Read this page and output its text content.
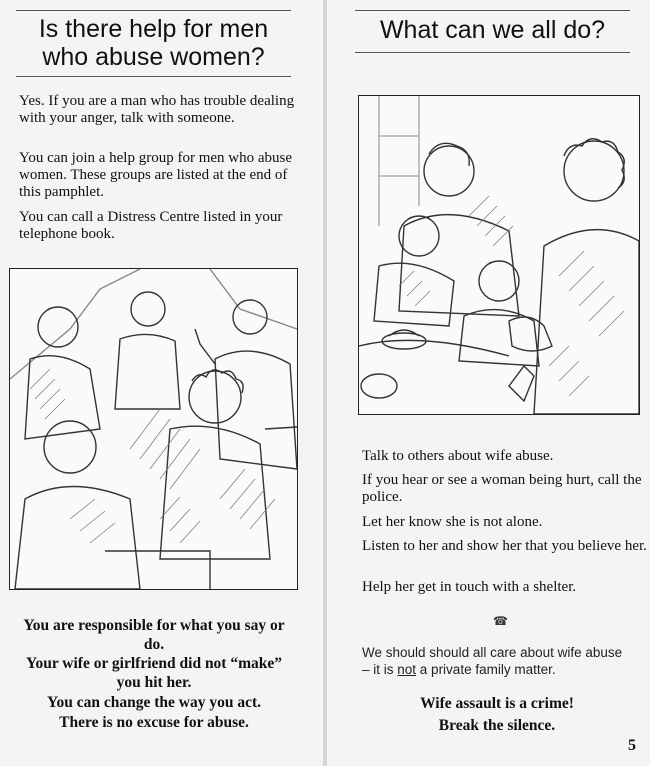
Is there help for men who abuse women?

Yes. If you are a man who has trouble dealing with your anger, talk with someone.

You can join a help group for men who abuse women. These groups are listed at the end of this pamphlet.

You can call a Distress Centre listed in your telephone book.

You are responsible for what you say or do.
Your wife or girlfriend did not “make” you hit her.
You can change the way you act.
There is no excuse for abuse.
What can we all do?

Talk to others about wife abuse.

If you hear or see a woman being hurt, call the police.

Let her know she is not alone.

Listen to her and show her that you believe her.

Help her get in touch with a shelter.

☎
We should should all care about wife abuse
– it is not a private family matter.
Wife assault is a crime!
Break the silence.
5
